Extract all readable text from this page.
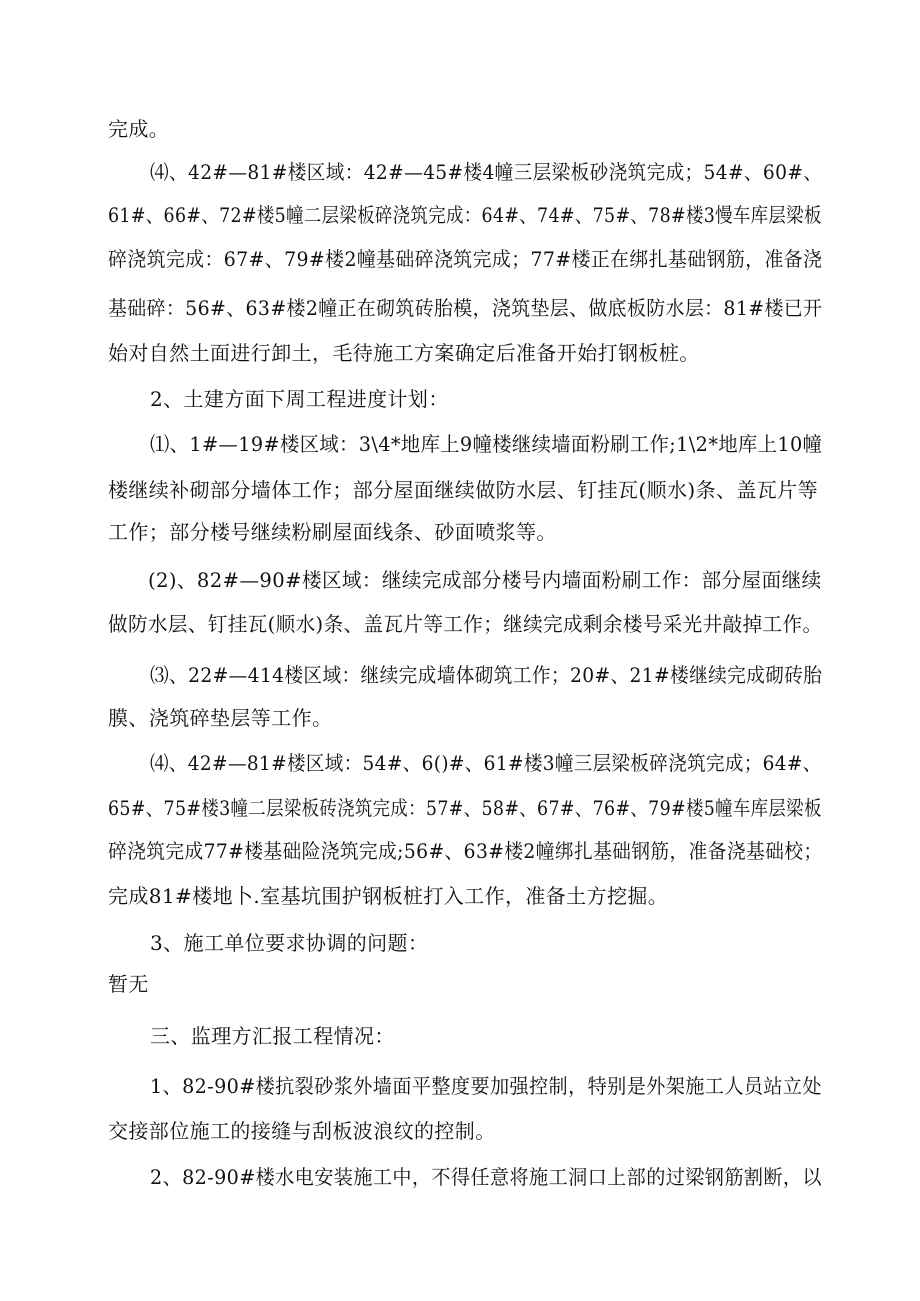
完成。
⑷、42#—81#楼区域：42#—45#楼4幢三层梁板砂浇筑完成；54#、60#、
61#、66#、72#楼5幢二层梁板碎浇筑完成：64#、74#、75#、78#楼3慢车库层梁板
碎浇筑完成：67#、79#楼2幢基础碎浇筑完成；77#楼正在绑扎基础钢筋，准备浇
基础碎：56#、63#楼2幢正在砌筑砖胎模，浇筑垫层、做底板防水层：81#楼已开
始对自然土面进行卸土，毛待施工方案确定后准备开始打钢板桩。
2、土建方面下周工程进度计划：
⑴、1#—19#楼区域：3\4*地库上9幢楼继续墙面粉刷工作;1\2*地库上10幢
楼继续补砌部分墙体工作；部分屋面继续做防水层、钉挂瓦(顺水)条、盖瓦片等
工作；部分楼号继续粉刷屋面线条、砂面喷浆等。
(2)、82#—90#楼区域：继续完成部分楼号内墙面粉刷工作：部分屋面继续
做防水层、钉挂瓦(顺水)条、盖瓦片等工作；继续完成剩余楼号采光井敲掉工作。
⑶、22#—414楼区域：继续完成墙体砌筑工作；20#、21#楼继续完成砌砖胎
膜、浇筑碎垫层等工作。
⑷、42#—81#楼区域：54#、6()#、61#楼3幢三层梁板碎浇筑完成；64#、
65#、75#楼3幢二层梁板砖浇筑完成：57#、58#、67#、76#、79#楼5幢车库层梁板
碎浇筑完成77#楼基础险浇筑完成;56#、63#楼2幢绑扎基础钢筋，准备浇基础校；
完成81#楼地卜.室基坑围护钢板桩打入工作，准备土方挖掘。
3、施工单位要求协调的问题：
暂无
三、监理方汇报工程情况：
1、82-90#楼抗裂砂浆外墙面平整度要加强控制，特别是外架施工人员站立处
交接部位施工的接缝与刮板波浪纹的控制。
2、82-90#楼水电安装施工中，不得任意将施工洞口上部的过梁钢筋割断，以
